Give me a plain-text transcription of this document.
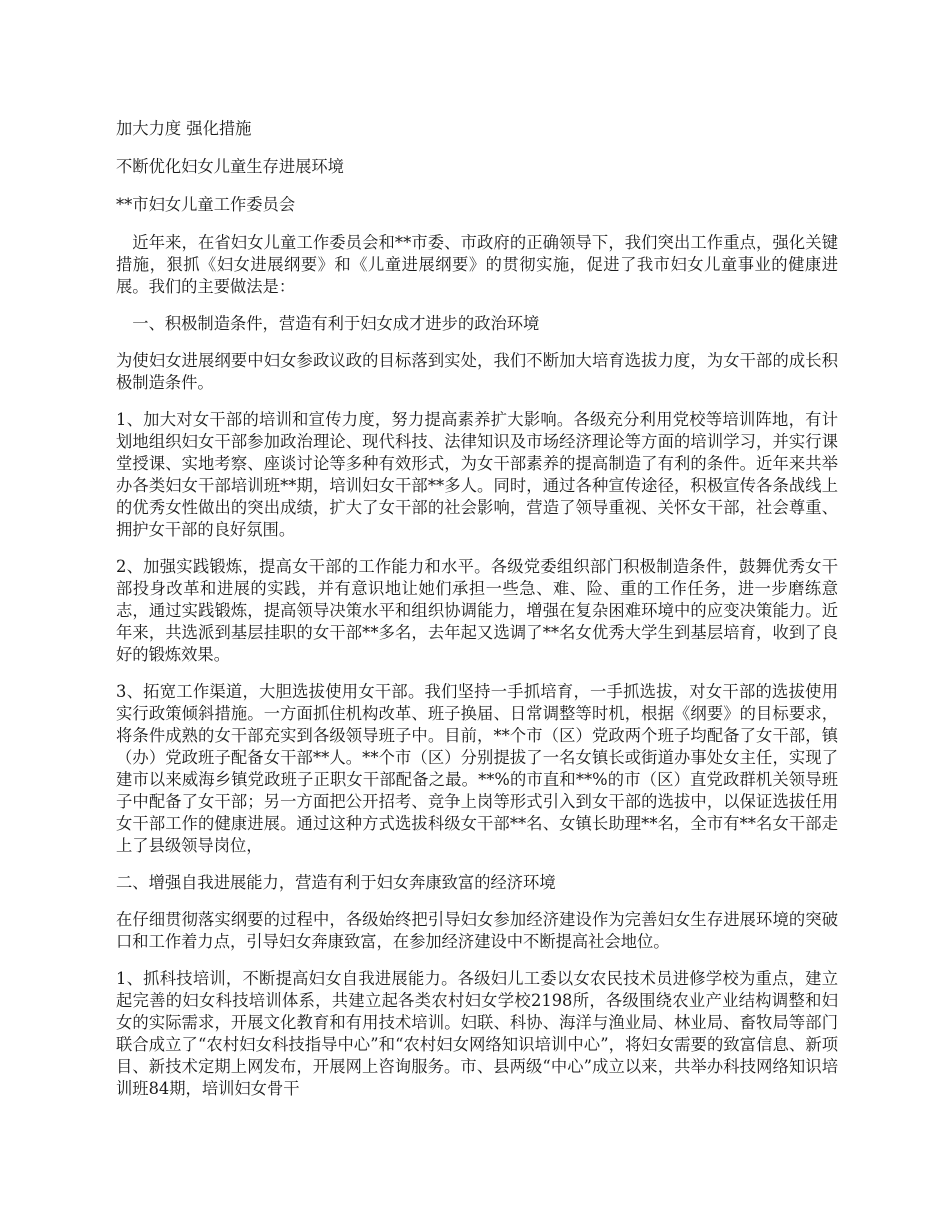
加大力度 强化措施

不断优化妇女儿童生存进展环境

**市妇女儿童工作委员会

近年来，在省妇女儿童工作委员会和**市委、市政府的正确领导下，我们突出工作重点，强化关键措施，狠抓《妇女进展纲要》和《儿童进展纲要》的贯彻实施，促进了我市妇女儿童事业的健康进展。我们的主要做法是：

一、积极制造条件，营造有利于妇女成才进步的政治环境

为使妇女进展纲要中妇女参政议政的目标落到实处，我们不断加大培育选拔力度，为女干部的成长积极制造条件。

1、加大对女干部的培训和宣传力度，努力提高素养扩大影响。各级充分利用党校等培训阵地，有计划地组织妇女干部参加政治理论、现代科技、法律知识及市场经济理论等方面的培训学习，并实行课堂授课、实地考察、座谈讨论等多种有效形式，为女干部素养的提高制造了有利的条件。近年来共举办各类妇女干部培训班**期，培训妇女干部**多人。同时，通过各种宣传途径，积极宣传各条战线上的优秀女性做出的突出成绩，扩大了女干部的社会影响，营造了领导重视、关怀女干部，社会尊重、拥护女干部的良好氛围。

2、加强实践锻炼，提高女干部的工作能力和水平。各级党委组织部门积极制造条件，鼓舞优秀女干部投身改革和进展的实践，并有意识地让她们承担一些急、难、险、重的工作任务，进一步磨练意志，通过实践锻炼，提高领导决策水平和组织协调能力，增强在复杂困难环境中的应变决策能力。近年来，共选派到基层挂职的女干部**多名，去年起又选调了**名女优秀大学生到基层培育，收到了良好的锻炼效果。

3、拓宽工作渠道，大胆选拔使用女干部。我们坚持一手抓培育，一手抓选拔，对女干部的选拔使用实行政策倾斜措施。一方面抓住机构改革、班子换届、日常调整等时机，根据《纲要》的目标要求，将条件成熟的女干部充实到各级领导班子中。目前，**个市（区）党政两个班子均配备了女干部，镇（办）党政班子配备女干部**人。**个市（区）分别提拔了一名女镇长或街道办事处女主任，实现了建市以来威海乡镇党政班子正职女干部配备之最。**%的市直和**%的市（区）直党政群机关领导班子中配备了女干部；另一方面把公开招考、竞争上岗等形式引入到女干部的选拔中，以保证选拔任用女干部工作的健康进展。通过这种方式选拔科级女干部**名、女镇长助理**名，全市有**名女干部走上了县级领导岗位，

二、增强自我进展能力，营造有利于妇女奔康致富的经济环境

在仔细贯彻落实纲要的过程中，各级始终把引导妇女参加经济建设作为完善妇女生存进展环境的突破口和工作着力点，引导妇女奔康致富，在参加经济建设中不断提高社会地位。

1、抓科技培训，不断提高妇女自我进展能力。各级妇儿工委以女农民技术员进修学校为重点，建立起完善的妇女科技培训体系，共建立起各类农村妇女学校2198所，各级围绕农业产业结构调整和妇女的实际需求，开展文化教育和有用技术培训。妇联、科协、海洋与渔业局、林业局、畜牧局等部门联合成立了“农村妇女科技指导中心”和“农村妇女网络知识培训中心”，将妇女需要的致富信息、新项目、新技术定期上网发布，开展网上咨询服务。市、县两级“中心”成立以来，共举办科技网络知识培训班84期，培训妇女骨干
